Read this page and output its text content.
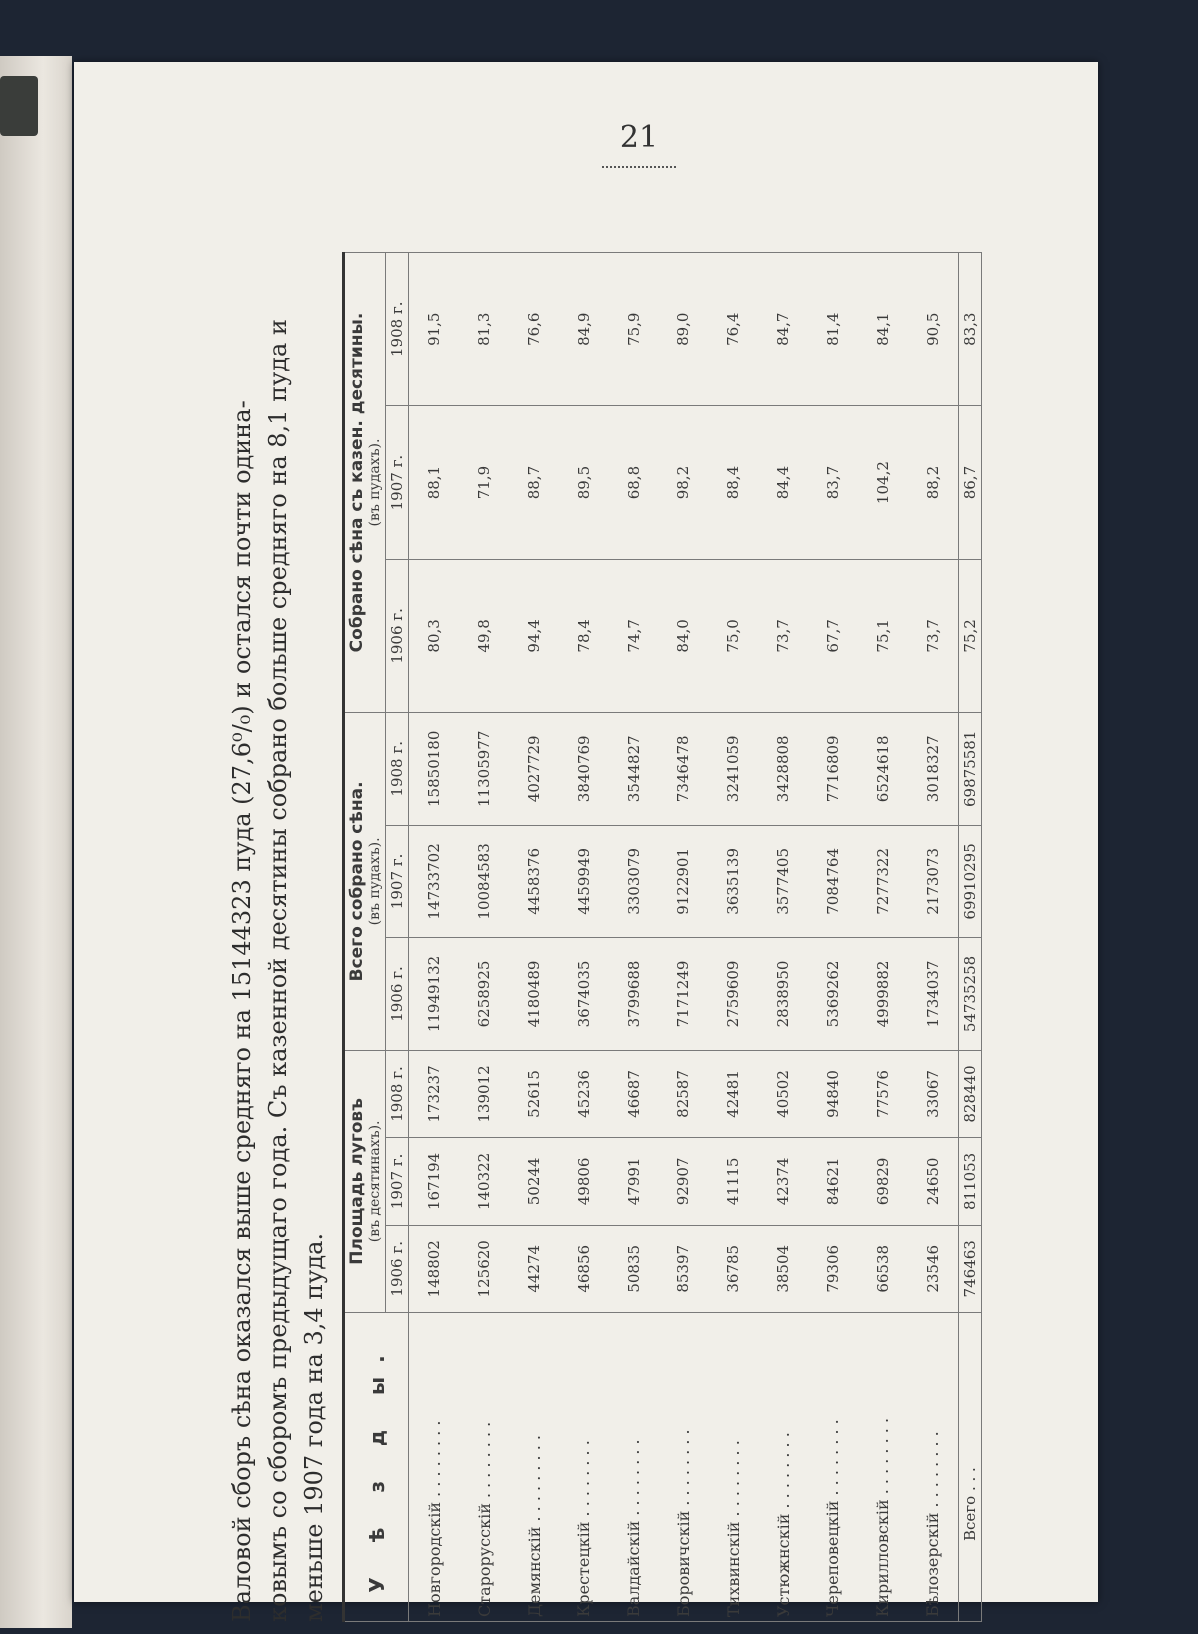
21

Валовой сборъ сѣна оказался выше средняго на 15144323 пуда (27,6⁰/₀) и остался почти одина- ковымъ со сборомъ предыдущаго года. Съ казенной десятины собрано больше средняго на 8,1 пуда и меньше 1907 года на 3,4 пуда. У ѣ з д ы.	Площадь луговъ (въ десятинахъ).			Всего собрано сѣна. (въ пудахъ).			Собрано сѣна съ казен. десятины. (въ пудахъ).		

	1906 г.	1907 г.	1908 г.	1906 г.	1907 г.	1908 г.	1906 г.	1907 г.	1908 г.
Новгородскій . . . . . . . .	148802	167194	173237	11949132	14733702	15850180	80,3	88,1	91,5
Старорусскій . . . . . . . .	125620	140322	139012	6258925	10084583	11305977	49,8	71,9	81,3
Демянскій . . . . . . . . .	44274	50244	52615	4180489	4458376	4027729	94,4	88,7	76,6
Крестецкій . . . . . . . .	46856	49806	45236	3674035	4459949	3840769	78,4	89,5	84,9
Валдайскій . . . . . . . .	50835	47991	46687	3799688	3303079	3544827	74,7	68,8	75,9
Боровичскій . . . . . . . .	85397	92907	82587	7171249	9122901	7346478	84,0	98,2	89,0
Тихвинскій . . . . . . . .	36785	41115	42481	2759609	3635139	3241059	75,0	88,4	76,4
Устюжнскій . . . . . . . .	38504	42374	40502	2838950	3577405	3428808	73,7	84,4	84,7
Череповецкій . . . . . . . .	79306	84621	94840	5369262	7084764	7716809	67,7	83,7	81,4
Кирилловскій . . . . . . . .	66538	69829	77576	4999882	7277322	6524618	75,1	104,2	84,1
Бѣлозерскій . . . . . . . .	23546	24650	33067	1734037	2173073	3018327	73,7	88,2	90,5
Всего . . .	746463	811053	828440	54735258	69910295	69875581	75,2	86,7	83,3
